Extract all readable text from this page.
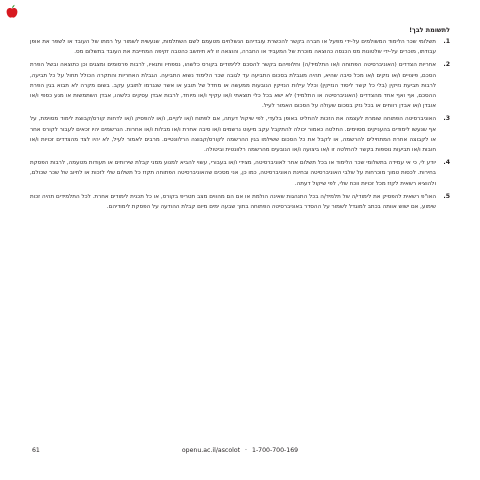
לתשומת לבך!
1.
תשלומי שכר הלימוד המשולמים על-ידי מפעל או חברה בקשר להכשרת עובדיהם הנשלחים מטעמם לשם השתלמות, שנעשית לשמור על רמתו של העובד או לשפר את אופן עבודתו, מוכרים על-ידי שלטונות מס הכנסה כהוצאה מוכרת של המעביד או החברה, והוצאה זו לא תיחשב כהטבה זקיפה המחייבת את העובד בתשלום מס.
2.
אחריות הצדדים (האוניברסיטה הפתוחה ו/או התלמיד/ה) וחלופיהם בקשר להסכם ללימודים בקורס כלשהו, נספחיו ותנאיו, לרבות פרסומים ומצגים וכן כתוצאה ובשל הפרת הסכם, פיצויים ו/או נזקים ו/או מכל סיבה שהיא, תהיה מוגבלת בסכום התביעה עד לגובה שכר הלימוד נשוא התביעה. הגבלת האחריות והתקרה הכולל תחול על כל תביעה, לרבות תביעת נזיקין (בלי כל קשר ליסוד הנזיקין) וכלל עילות הנזיקין הנובעות ממעשה או מחדל של תובע או אשר שנגרמו לתובע עקב. בשום מקרה לא תבוא בגין הפרת ההסכם, אף ואף אחד מהצדדים (האוניברסיטה או התלמיד) לא ישא בכל כלי תוצאתי ו/או עקיף ו/או מיוחד, לרבות אבדן עסקים כלשהו, אבדן השתמשות או מנע כספי ו/או אובדן ו/או אבדן רווחים או בכל נזק בסכום שעולה על הסכום האמור לעיל.
3.
האוניברסיטה הפתוחה שומרת לעצמה את הזכות להחליט באופן בלעדי, לפי שיקול דעתה, אם לפתוח ו/או לקיים, ו/או להפסיק ו/או לדחות קורס/קבוצת לימוד מסוימת, על אף שנעשו לימודים בהעניקים מסוימים. החלטה כאמור יכולה להתקבל עקב מיעוט נרשמים ו/או סיבה אחרת ו/או מבלות ו/או אחרות. הנרשמים יהיו זכאים לעבור לקורס אחר או לקבוצה אחרת המתחילים להרשמה, או לקבל את כל הסכום ששילמו בגין ההרשמה לקורס/קבוצה הרלוונטיים. מרבים לאמור לעיל, לא יהיו לצד מהצדדים זכויות ו/או חובות ו/או תביעות נוספות בקשר להחלטה זו ו/או ביצועה ו/או הנובעים מהרשמה רלוונטית וביטולה.
4.
יודע לי, כי אי עמידה בתשלומי שכר הלימוד או בכל תשלום אחר לאוניברסיטה, מצידי ו/או בעבורי, עשוי להביא למנוע ממני קבלת שירותים או תעודות מטעמה, לרבות הפסקת בחירות. לכסות טמוך מוכרחות על שלבי האוניברסיטה ובחינת האוניברסיטה, כמו כן, אני מסכים שהאוניברסיטה הפתוחה תקזז כל תשלום שלי לזכות או לחיוב של שכר שכולם, ולהוציא רשאית לקזז מכל זכויות ווכח שלי, לפי שיקול דעתה.
5.
האו"פ רשאית להפסיק את לימודי/ה של תלמיד/ה בכל התנהגות שאינה הולמת או אם הם מהווים מצב תטריפ בקורס, או כל תכנית לימודים אחרת. לכל התלמידים תהיה זכות שימוע, אם ישוש אוותה בכתב למוגדל לשמור על ההסדר באוניברסיטה הפתוחה בתוך שבעה ימים מיום קבלת ההודעה על הפסקת לימודיהם.
61	openu.ac.il/ascolot · 1-700-700-169
